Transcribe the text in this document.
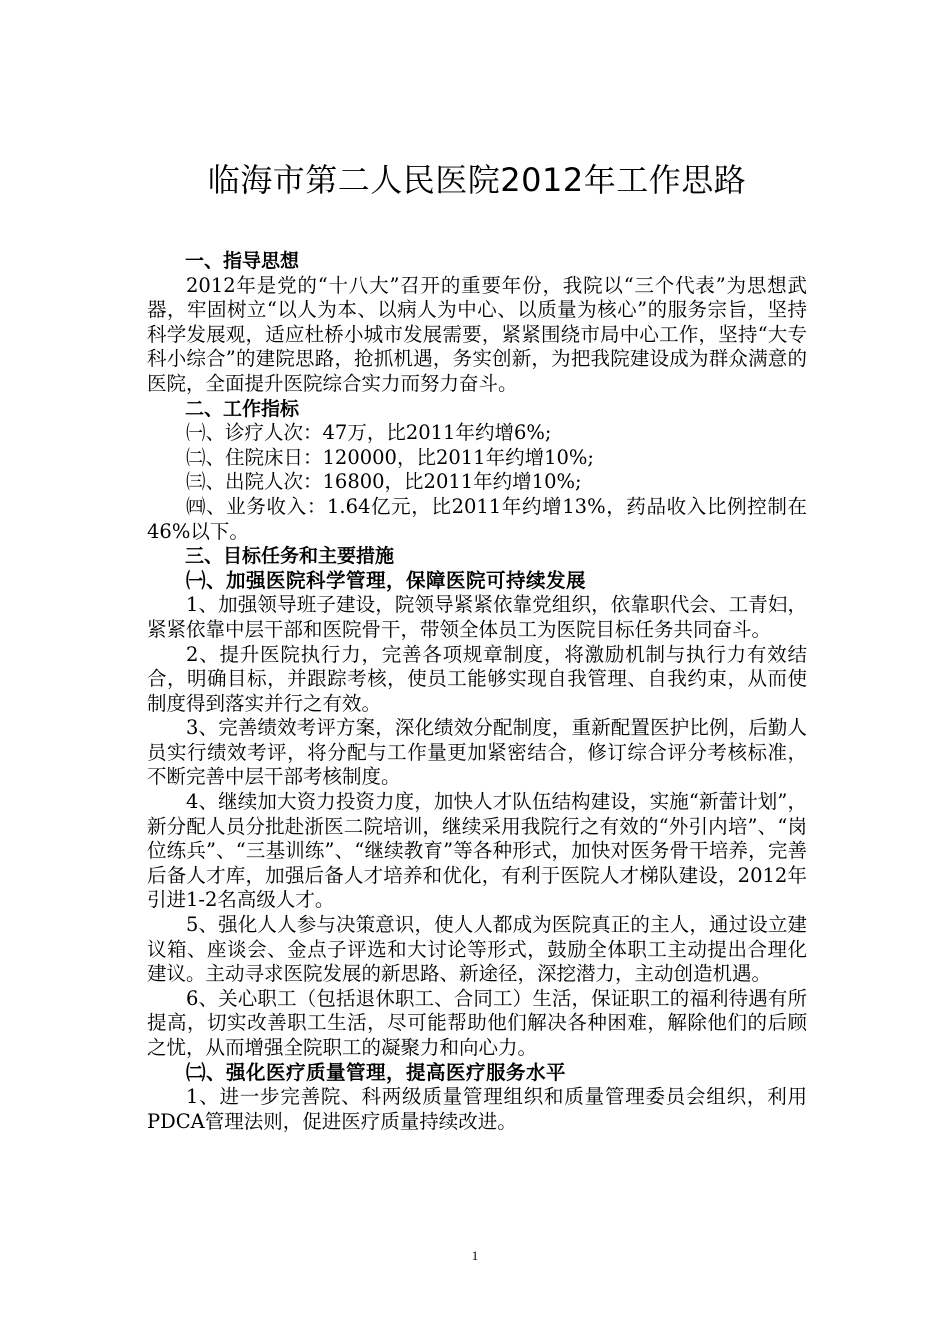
临海市第二人民医院2012年工作思路
一、指导思想
2012年是党的“十八大”召开的重要年份，我院以“三个代表”为思想武器，牢固树立“以人为本、以病人为中心、以质量为核心”的服务宗旨，坚持科学发展观，适应杜桥小城市发展需要，紧紧围绕市局中心工作，坚持“大专科小综合”的建院思路，抢抓机遇，务实创新，为把我院建设成为群众满意的医院，全面提升医院综合实力而努力奋斗。
二、工作指标
㈠、诊疗人次：47万，比2011年约增6%;
㈡、住院床日：120000，比2011年约增10%;
㈢、出院人次：16800，比2011年约增10%;
㈣、业务收入：1.64亿元，比2011年约增13%，药品收入比例控制在46%以下。
三、目标任务和主要措施
㈠、加强医院科学管理，保障医院可持续发展
1、加强领导班子建设，院领导紧紧依靠党组织，依靠职代会、工青妇，紧紧依靠中层干部和医院骨干，带领全体员工为医院目标任务共同奋斗。
2、提升医院执行力，完善各项规章制度，将激励机制与执行力有效结合，明确目标，并跟踪考核，使员工能够实现自我管理、自我约束，从而使制度得到落实并行之有效。
3、完善绩效考评方案，深化绩效分配制度，重新配置医护比例，后勤人员实行绩效考评，将分配与工作量更加紧密结合，修订综合评分考核标准，不断完善中层干部考核制度。
4、继续加大资力投资力度，加快人才队伍结构建设，实施“新蕾计划”，新分配人员分批赴浙医二院培训，继续采用我院行之有效的“外引内培”、“岗位练兵”、“三基训练”、“继续教育”等各种形式，加快对医务骨干培养，完善后备人才库，加强后备人才培养和优化，有利于医院人才梯队建设，2012年引进1-2名高级人才。
5、强化人人参与决策意识，使人人都成为医院真正的主人，通过设立建议箱、座谈会、金点子评选和大讨论等形式，鼓励全体职工主动提出合理化建议。主动寻求医院发展的新思路、新途径，深挖潜力，主动创造机遇。
6、关心职工（包括退休职工、合同工）生活，保证职工的福利待遇有所提高，切实改善职工生活，尽可能帮助他们解决各种困难，解除他们的后顾之忧，从而增强全院职工的凝聚力和向心力。
㈡、强化医疗质量管理，提高医疗服务水平
1、进一步完善院、科两级质量管理组织和质量管理委员会组织，利用PDCA管理法则，促进医疗质量持续改进。
1
